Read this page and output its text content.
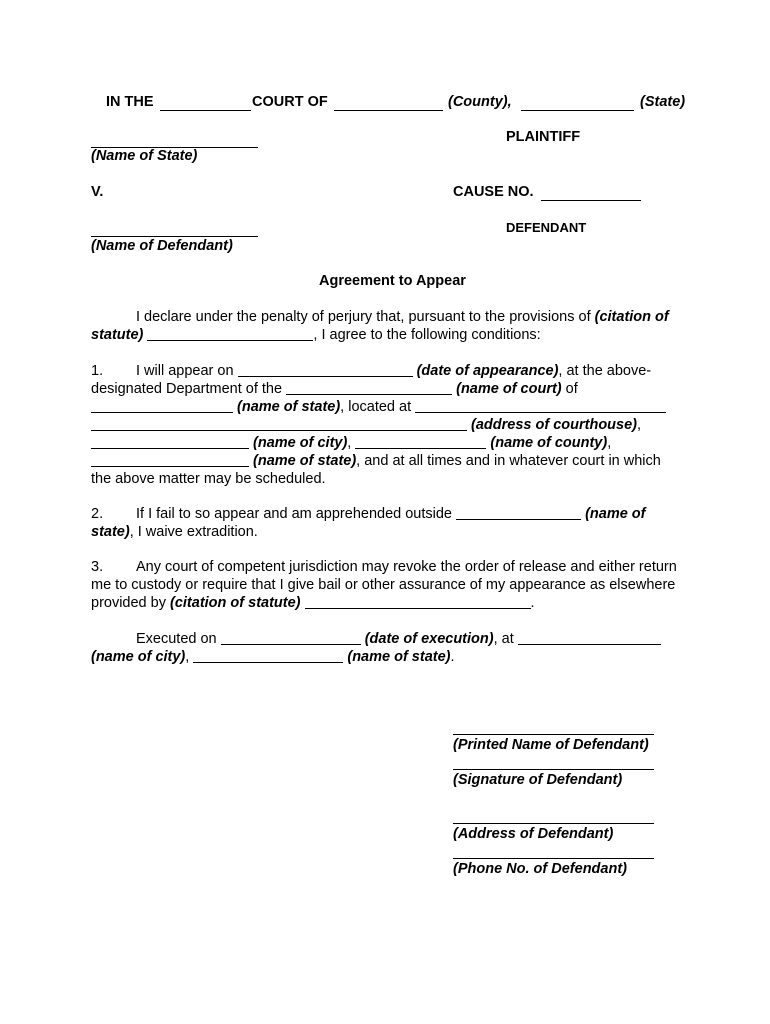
IN THE	COURT OF	(County),	(State)
PLAINTIFF
(Name of State)
V.	CAUSE NO.
DEFENDANT
(Name of Defendant)
Agreement to Appear
I declare under the penalty of perjury that, pursuant to the provisions of (citation of
statute)	, I agree to the following conditions:
1. I will appear on	(date of appearance), at the above-
designated Department of the	(name of court) of
(name of state), located at
(address of courthouse),
(name of city),	(name of county),
(name of state), and at all times and in whatever court in which
the above matter may be scheduled.
2. If I fail to so appear and am apprehended outside	(name of
state), I waive extradition.
3. Any court of competent jurisdiction may revoke the order of release and either return
me to custody or require that I give bail or other assurance of my appearance as elsewhere
provided by (citation of statute)	.
Executed on	(date of execution), at
(name of city),	(name of state).
(Printed Name of Defendant)
(Signature of Defendant)
(Address of Defendant)
(Phone No. of Defendant)
